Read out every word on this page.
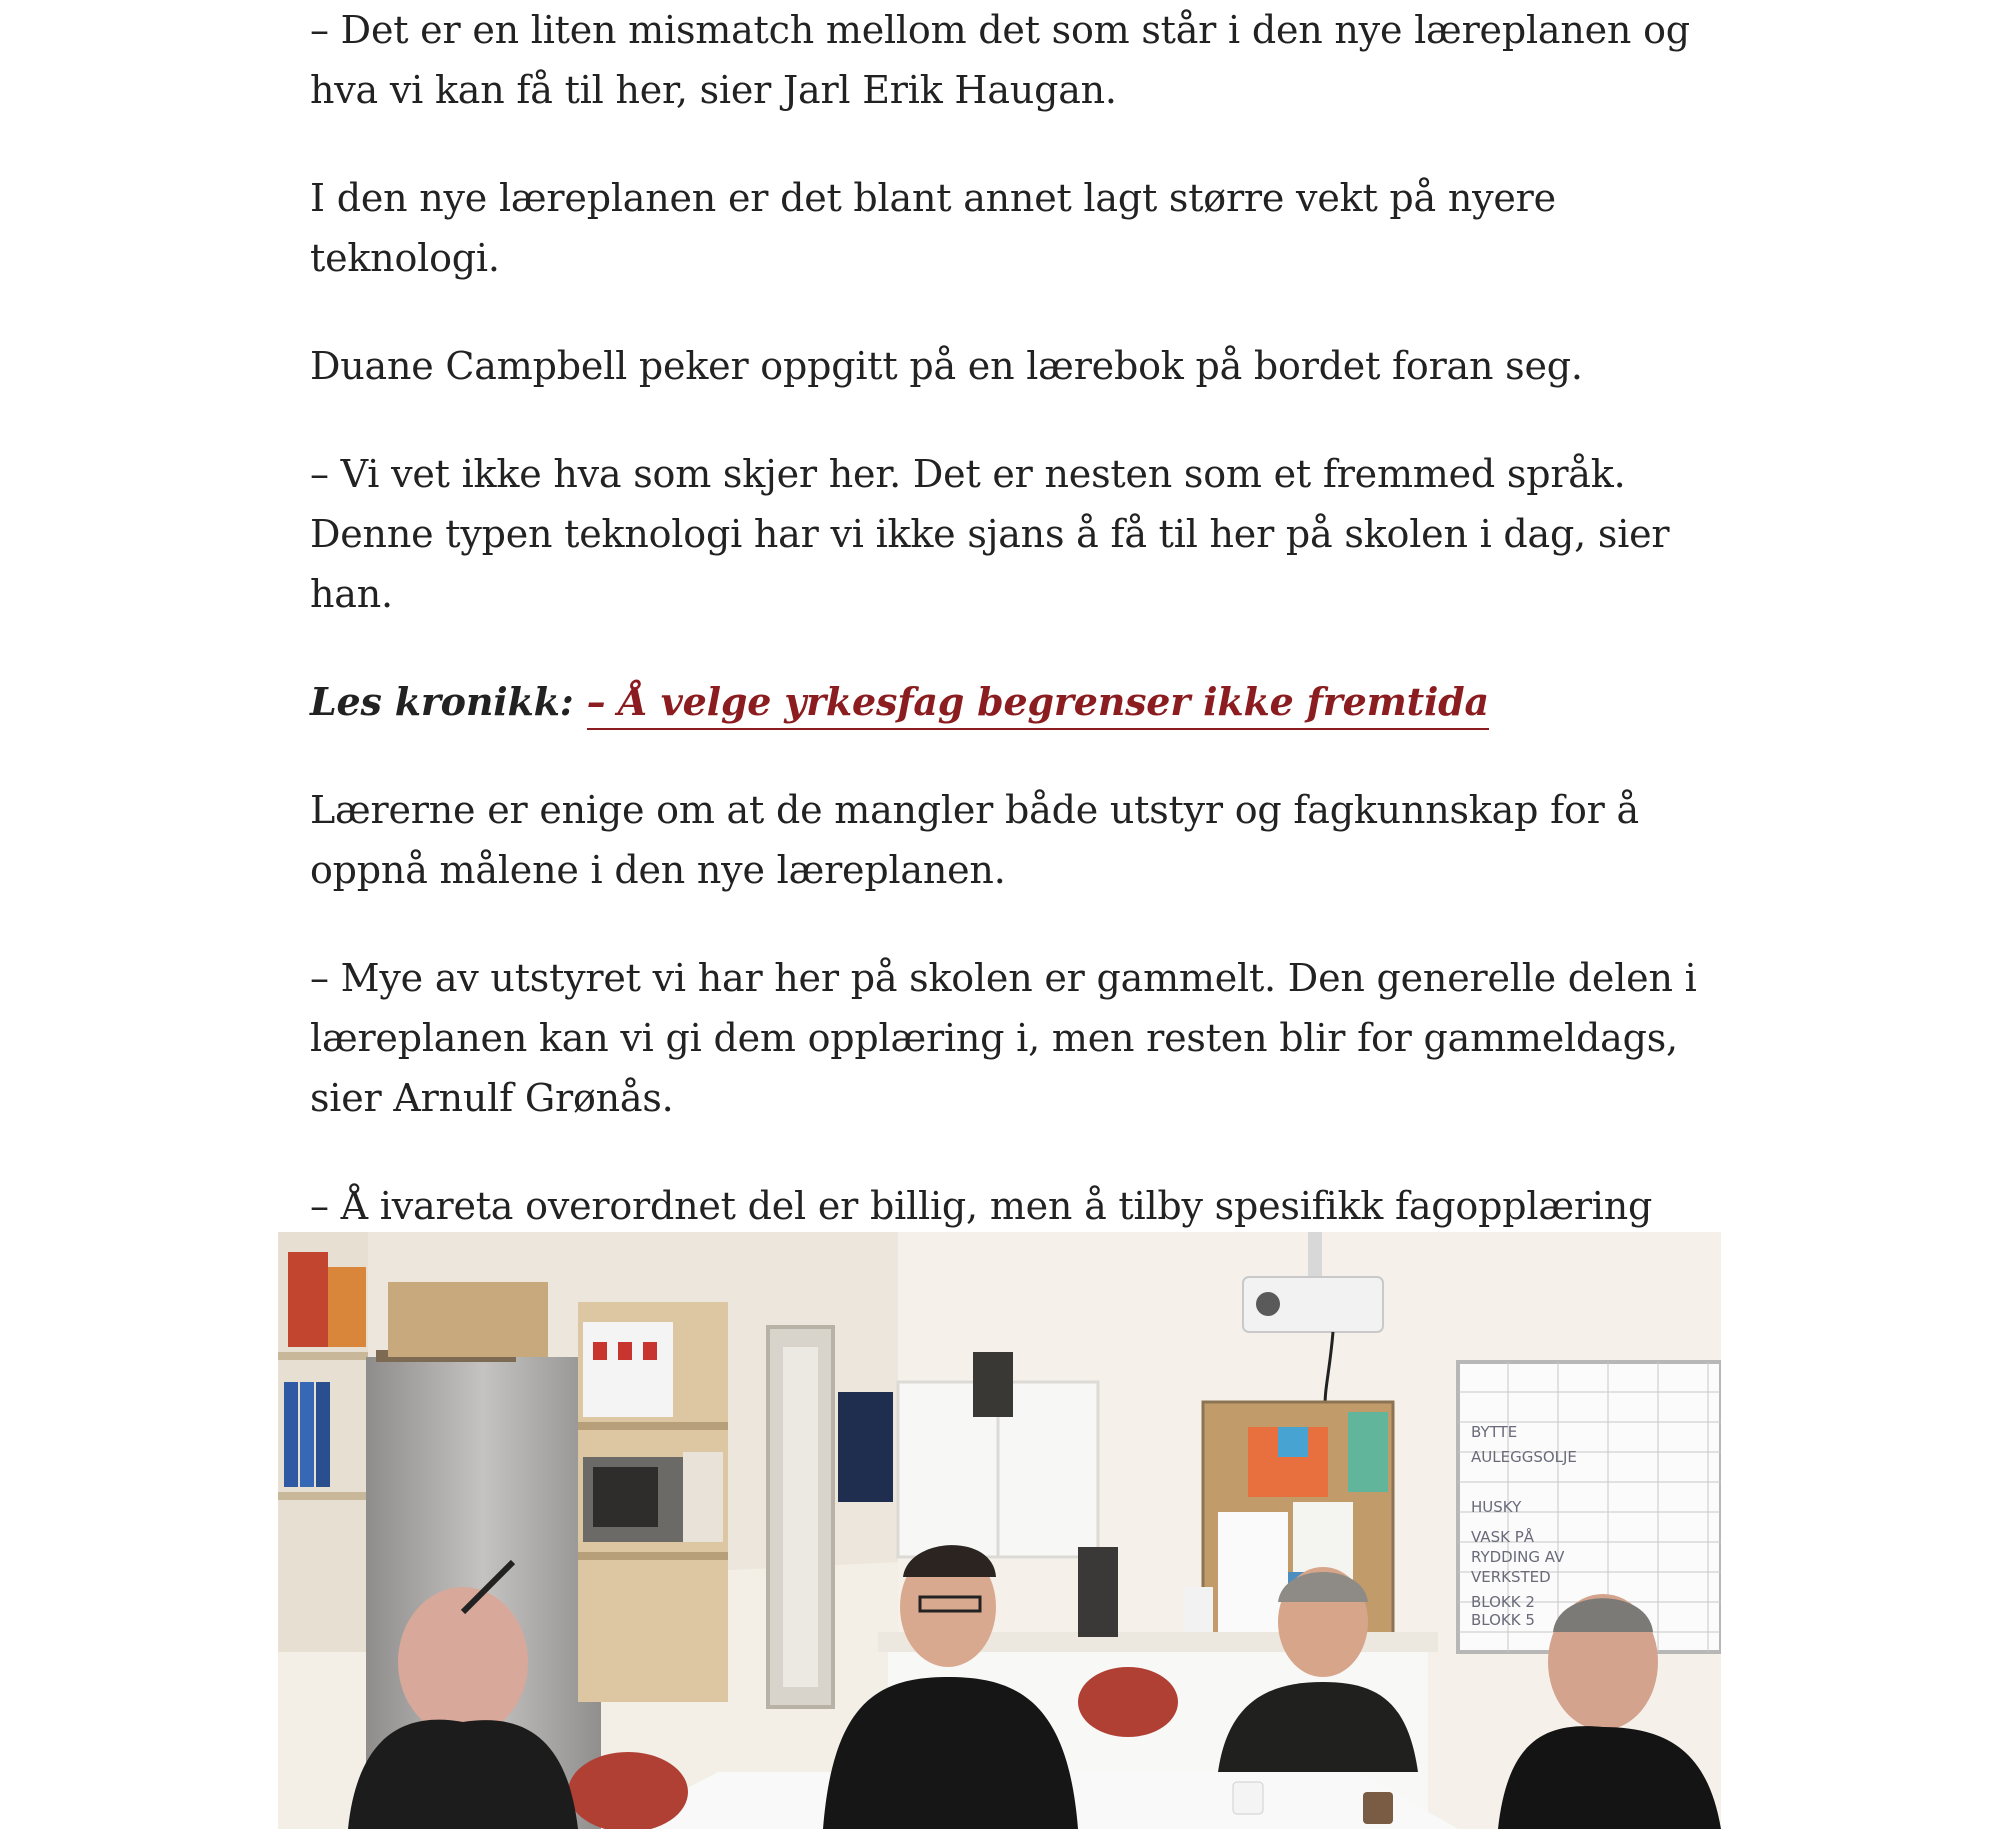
– Det er en liten mismatch mellom det som står i den nye læreplanen og hva vi kan få til her, sier Jarl Erik Haugan.

I den nye læreplanen er det blant annet lagt større vekt på nyere teknologi.

Duane Campbell peker oppgitt på en lærebok på bordet foran seg.

– Vi vet ikke hva som skjer her. Det er nesten som et fremmed språk. Denne typen teknologi har vi ikke sjans å få til her på skolen i dag, sier han.

Les kronikk: – Å velge yrkesfag begrenser ikke fremtida

Lærerne er enige om at de mangler både utstyr og fagkunnskap for å oppnå målene i den nye læreplanen.

– Mye av utstyret vi har her på skolen er gammelt. Den generelle delen i læreplanen kan vi gi dem opplæring i, men resten blir for gammeldags, sier Arnulf Grønås.

– Å ivareta overordnet del er billig, men å tilby spesifikk fagopplæring

BYTTE
AULEGGSOLJE
HUSKY
VASK PÅ
RYDDING AV
VERKSTED
BLOKK 2
BLOKK 5
